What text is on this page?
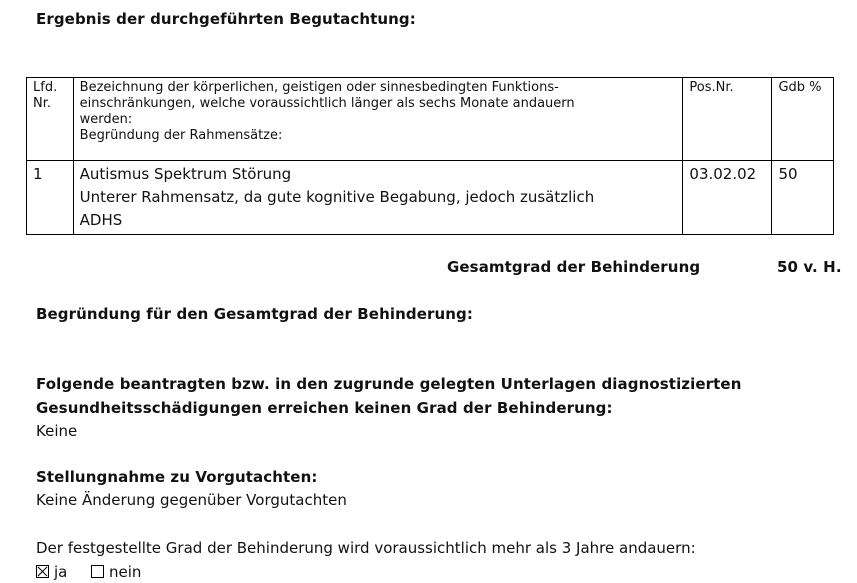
Ergebnis der durchgeführten Begutachtung:
Lfd. Nr.	Bezeichnung der körperlichen, geistigen oder sinnesbedingten Funktions-
einschränkungen, welche voraussichtlich länger als sechs Monate andauern
werden:
Begründung der Rahmensätze:	Pos.Nr.	Gdb %
1	Autismus Spektrum Störung
Unterer Rahmensatz, da gute kognitive Begabung, jedoch zusätzlich
ADHS	03.02.02	50
Gesamtgrad der Behinderung	50 v. H.
Begründung für den Gesamtgrad der Behinderung:
Folgende beantragten bzw. in den zugrunde gelegten Unterlagen diagnostizierten
Gesundheitsschädigungen erreichen keinen Grad der Behinderung:
Keine
Stellungnahme zu Vorgutachten:
Keine Änderung gegenüber Vorgutachten
Der festgestellte Grad der Behinderung wird voraussichtlich mehr als 3 Jahre andauern:
ja	nein
